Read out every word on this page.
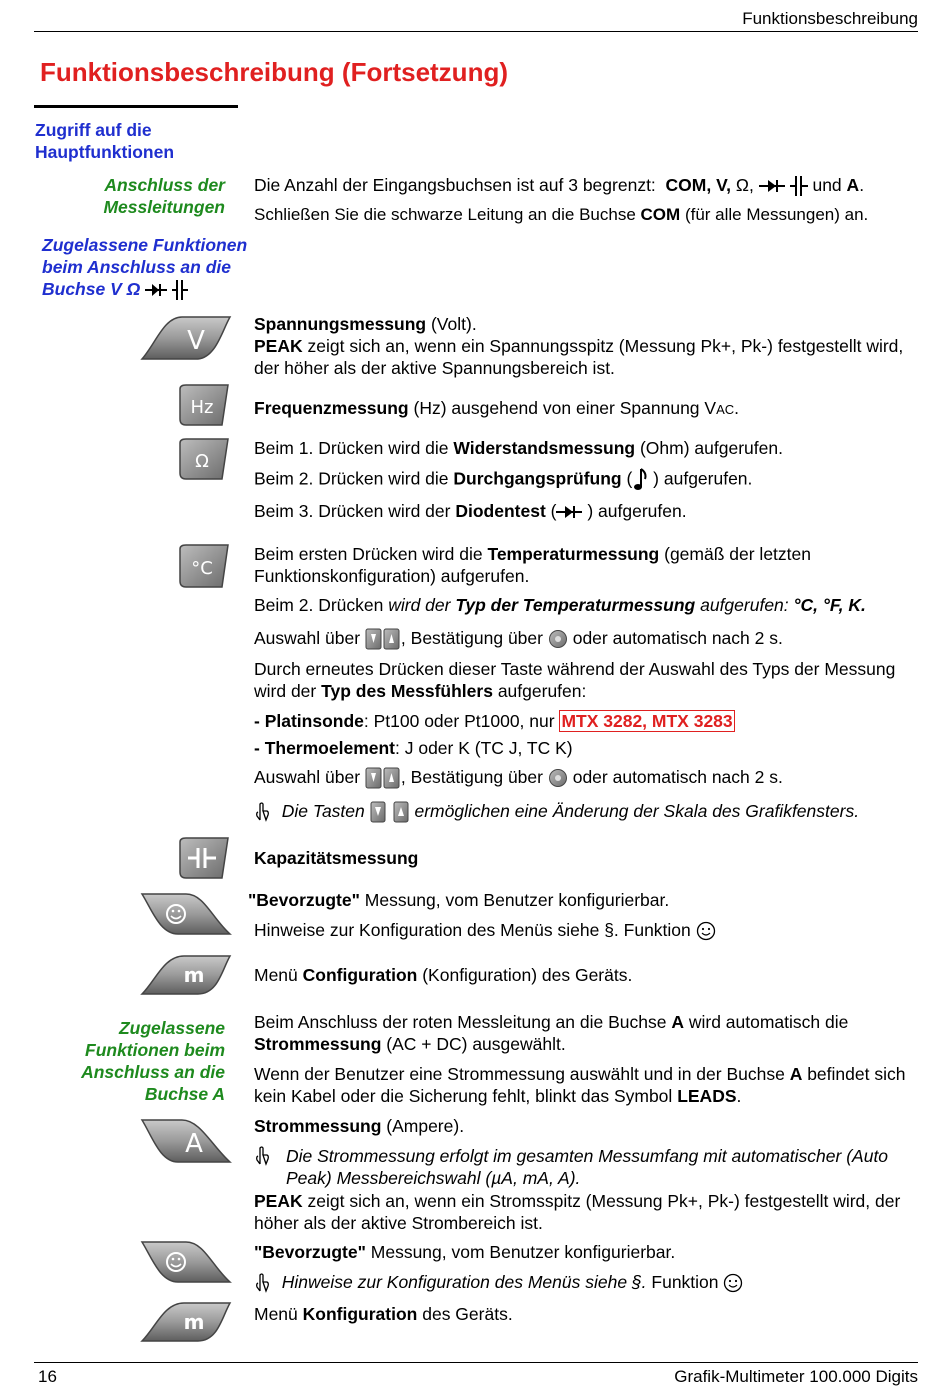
Funktionsbeschreibung
Funktionsbeschreibung (Fortsetzung)
Zugriff auf die Hauptfunktionen
Anschluss der Messleitungen
Die Anzahl der Eingangsbuchsen ist auf 3 begrenzt: COM, V, Ω,	und A.
Schließen Sie die schwarze Leitung an die Buchse COM (für alle Messungen) an.
Zugelassene Funktionen beim Anschluss an die Buchse V Ω
V
Spannungsmessung (Volt).
PEAK zeigt sich an, wenn ein Spannungsspitz (Messung Pk+, Pk-) festgestellt wird, der höher als der aktive Spannungsbereich ist.
Hz Frequenzmessung (Hz) ausgehend von einer Spannung VAC.
Ω
Beim 1. Drücken wird die Widerstandsmessung (Ohm) aufgerufen.
Beim 2. Drücken wird die Durchgangsprüfung ( ) aufgerufen.
Beim 3. Drücken wird der Diodentest ( ) aufgerufen.
°C
Beim ersten Drücken wird die Temperaturmessung (gemäß der letzten Funktionskonfiguration) aufgerufen.
Beim 2. Drücken wird der Typ der Temperaturmessung aufgerufen: °C, °F, K.
Auswahl über , Bestätigung über oder automatisch nach 2 s.
Durch erneutes Drücken dieser Taste während der Auswahl des Typs der Messung wird der Typ des Messfühlers aufgerufen:
- Platinsonde: Pt100 oder Pt1000, nur MTX 3282, MTX 3283
- Thermoelement: J oder K (TC J, TC K)
Auswahl über , Bestätigung über oder automatisch nach 2 s.
Die Tasten	ermöglichen eine Änderung der Skala des Grafikfensters.
-||-
Kapazitätsmessung
"Bevorzugte" Messung, vom Benutzer konfigurierbar.
Hinweise zur Konfiguration des Menüs siehe §. Funktion
m	Menü Configuration (Konfiguration) des Geräts.
Zugelassene Funktionen beim Anschluss an die Buchse A
Beim Anschluss der roten Messleitung an die Buchse A wird automatisch die Strommessung (AC + DC) ausgewählt.
Wenn der Benutzer eine Strommessung auswählt und in der Buchse A befindet sich kein Kabel oder die Sicherung fehlt, blinkt das Symbol LEADS.
A
Strommessung (Ampere).
Die Strommessung erfolgt im gesamten Messumfang mit automatischer (Auto Peak) Messbereichswahl (µA, mA, A).
PEAK zeigt sich an, wenn ein Stromsspitz (Messung Pk+, Pk-) festgestellt wird, der höher als der aktive Strombereich ist.
"Bevorzugte" Messung, vom Benutzer konfigurierbar.
Hinweise zur Konfiguration des Menüs siehe §. Funktion
m	Menü Konfiguration des Geräts.
16	Grafik-Multimeter 100.000 Digits
